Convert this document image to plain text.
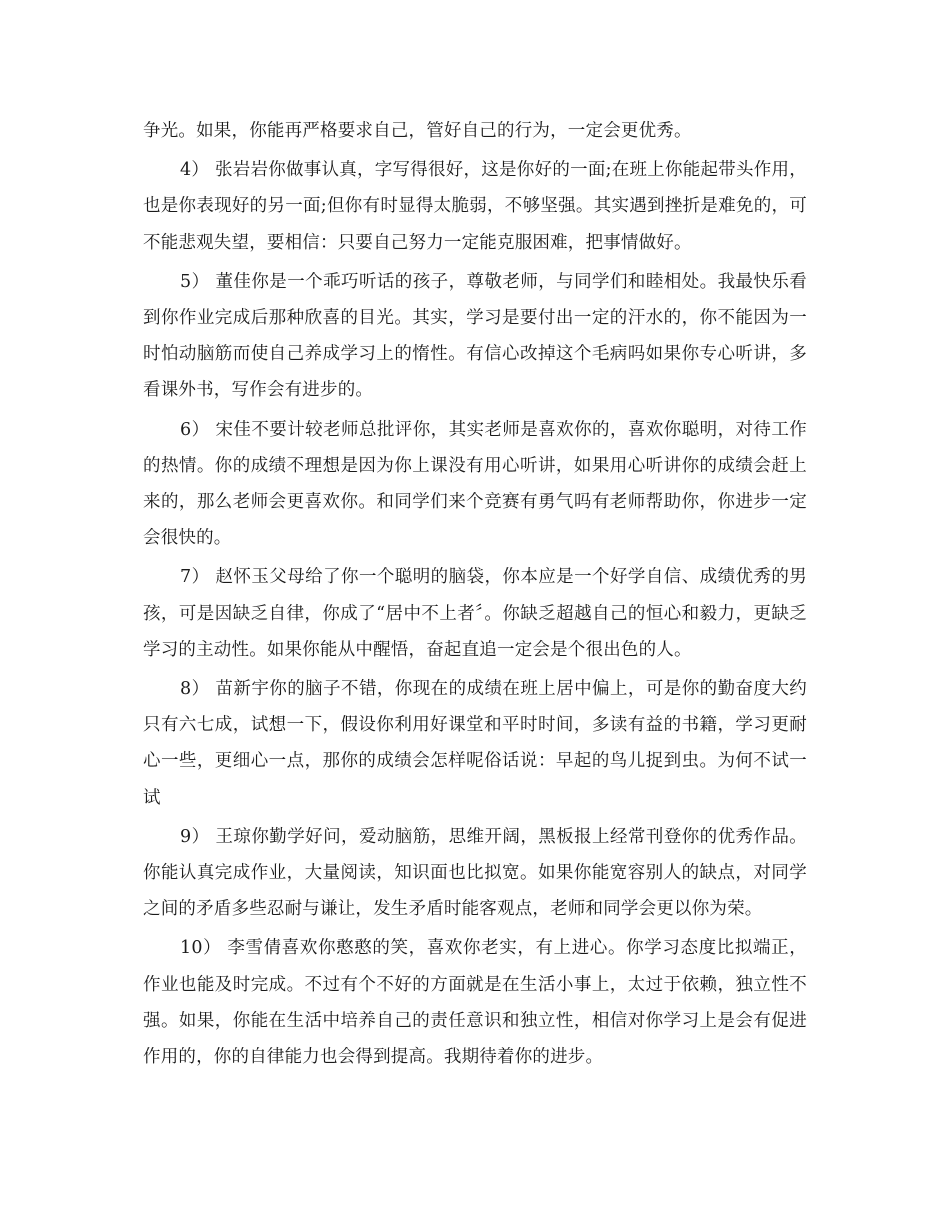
争光。如果，你能再严格要求自己，管好自己的行为，一定会更优秀。

4） 张岩岩你做事认真，字写得很好，这是你好的一面;在班上你能起带头作用，也是你表现好的另一面;但你有时显得太脆弱，不够坚强。其实遇到挫折是难免的，可不能悲观失望，要相信：只要自己努力一定能克服困难，把事情做好。

5） 董佳你是一个乖巧听话的孩子，尊敬老师，与同学们和睦相处。我最快乐看到你作业完成后那种欣喜的目光。其实，学习是要付出一定的汗水的，你不能因为一时怕动脑筋而使自己养成学习上的惰性。有信心改掉这个毛病吗如果你专心听讲，多看课外书，写作会有进步的。

6） 宋佳不要计较老师总批评你，其实老师是喜欢你的，喜欢你聪明，对待工作的热情。你的成绩不理想是因为你上课没有用心听讲，如果用心听讲你的成绩会赶上来的，那么老师会更喜欢你。和同学们来个竞赛有勇气吗有老师帮助你，你进步一定会很快的。

7） 赵怀玉父母给了你一个聪明的脑袋，你本应是一个好学自信、成绩优秀的男孩，可是因缺乏自律，你成了“居中不上者〞。你缺乏超越自己的恒心和毅力，更缺乏学习的主动性。如果你能从中醒悟，奋起直追一定会是个很出色的人。

8） 苗新宇你的脑子不错，你现在的成绩在班上居中偏上，可是你的勤奋度大约只有六七成，试想一下，假设你利用好课堂和平时时间，多读有益的书籍，学习更耐心一些，更细心一点，那你的成绩会怎样呢俗话说：早起的鸟儿捉到虫。为何不试一试

9） 王琼你勤学好问，爱动脑筋，思维开阔，黑板报上经常刊登你的优秀作品。你能认真完成作业，大量阅读，知识面也比拟宽。如果你能宽容别人的缺点，对同学之间的矛盾多些忍耐与谦让，发生矛盾时能客观点，老师和同学会更以你为荣。

10） 李雪倩喜欢你憨憨的笑，喜欢你老实，有上进心。你学习态度比拟端正，作业也能及时完成。不过有个不好的方面就是在生活小事上，太过于依赖，独立性不强。如果，你能在生活中培养自己的责任意识和独立性，相信对你学习上是会有促进作用的，你的自律能力也会得到提高。我期待着你的进步。
